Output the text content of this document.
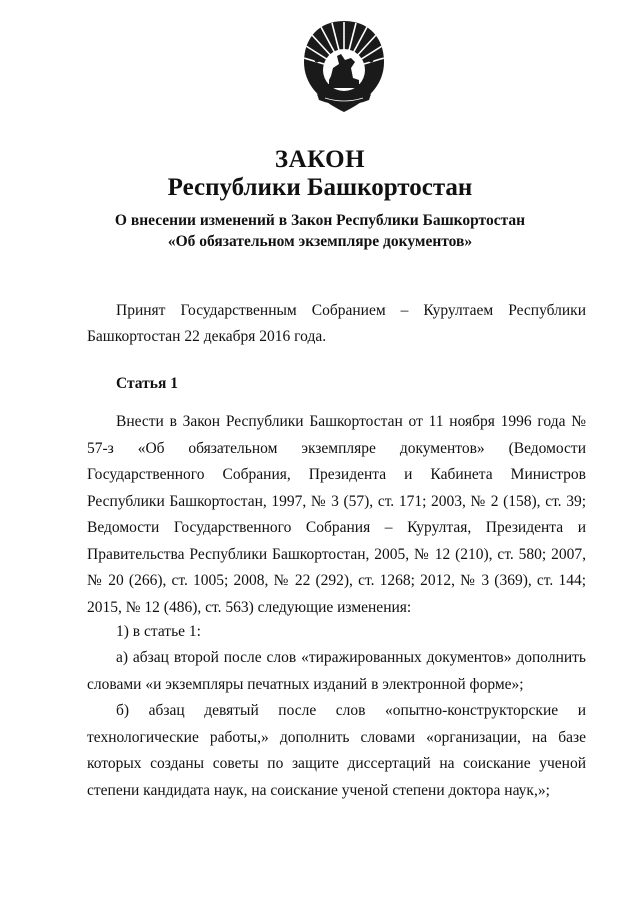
ЗАКОН
Республики Башкортостан

О внесении изменений в Закон Республики Башкортостан

«Об обязательном экземпляре документов»

Принят Государственным Собранием – Курултаем Республики Башкортостан 22 декабря 2016 года.

Статья 1

Внести в Закон Республики Башкортостан от 11 ноября 1996 года № 57-з «Об обязательном экземпляре документов» (Ведомости Государственного Собрания, Президента и Кабинета Министров Республики Башкортостан, 1997, № 3 (57), ст. 171; 2003, № 2 (158), ст. 39; Ведомости Государственного Собрания – Курултая, Президента и Правительства Республики Башкортостан, 2005, № 12 (210), ст. 580; 2007, № 20 (266), ст. 1005; 2008, № 22 (292), ст. 1268; 2012, № 3 (369), ст. 144; 2015, № 12 (486), ст. 563) следующие изменения:

1) в статье 1:

а) абзац второй после слов «тиражированных документов» дополнить словами «и экземпляры печатных изданий в электронной форме»;

б) абзац девятый после слов «опытно-конструкторские и технологические работы,» дополнить словами «организации, на базе которых созданы советы по защите диссертаций на соискание ученой степени кандидата наук, на соискание ученой степени доктора наук,»;
